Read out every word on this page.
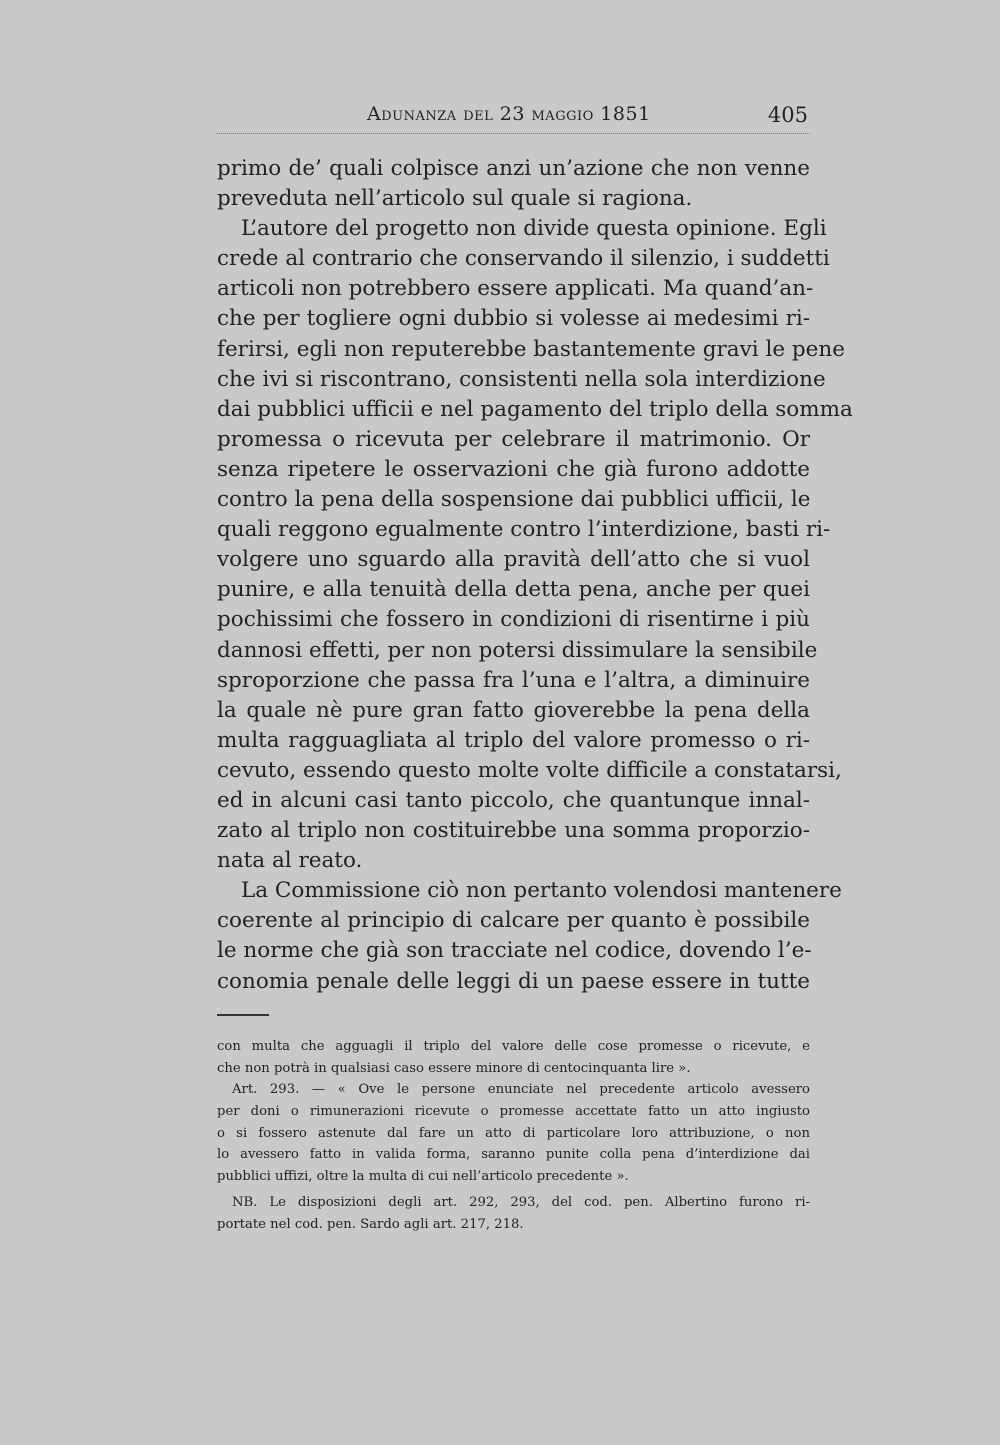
Adunanza del 23 maggio 1851	405
primo de’ quali colpisce anzi un’azione che non venne
preveduta nell’articolo sul quale si ragiona.
L’autore del progetto non divide questa opinione. Egli
crede al contrario che conservando il silenzio, i suddetti
articoli non potrebbero essere applicati. Ma quand’an-
che per togliere ogni dubbio si volesse ai medesimi ri-
ferirsi, egli non reputerebbe bastantemente gravi le pene
che ivi si riscontrano, consistenti nella sola interdizione
dai pubblici ufficii e nel pagamento del triplo della somma
promessa o ricevuta per celebrare il matrimonio. Or
senza ripetere le osservazioni che già furono addotte
contro la pena della sospensione dai pubblici ufficii, le
quali reggono egualmente contro l’interdizione, basti ri-
volgere uno sguardo alla pravità dell’atto che si vuol
punire, e alla tenuità della detta pena, anche per quei
pochissimi che fossero in condizioni di risentirne i più
dannosi effetti, per non potersi dissimulare la sensibile
sproporzione che passa fra l’una e l’altra, a diminuire
la quale nè pure gran fatto gioverebbe la pena della
multa ragguagliata al triplo del valore promesso o ri-
cevuto, essendo questo molte volte difficile a constatarsi,
ed in alcuni casi tanto piccolo, che quantunque innal-
zato al triplo non costituirebbe una somma proporzio-
nata al reato.
La Commissione ciò non pertanto volendosi mantenere
coerente al principio di calcare per quanto è possibile
le norme che già son tracciate nel codice, dovendo l’e-
conomia penale delle leggi di un paese essere in tutte
con multa che agguagli il triplo del valore delle cose promesse o ricevute, e
che non potrà in qualsiasi caso essere minore di centocinquanta lire ».
Art. 293. — « Ove le persone enunciate nel precedente articolo avessero
per doni o rimunerazioni ricevute o promesse accettate fatto un atto ingiusto
o si fossero astenute dal fare un atto di particolare loro attribuzione, o non
lo avessero fatto in valida forma, saranno punite colla pena d’interdizione dai
pubblici uffizi, oltre la multa di cui nell’articolo precedente ».
NB. Le disposizioni degli art. 292, 293, del cod. pen. Albertino furono ri-
portate nel cod. pen. Sardo agli art. 217, 218.
